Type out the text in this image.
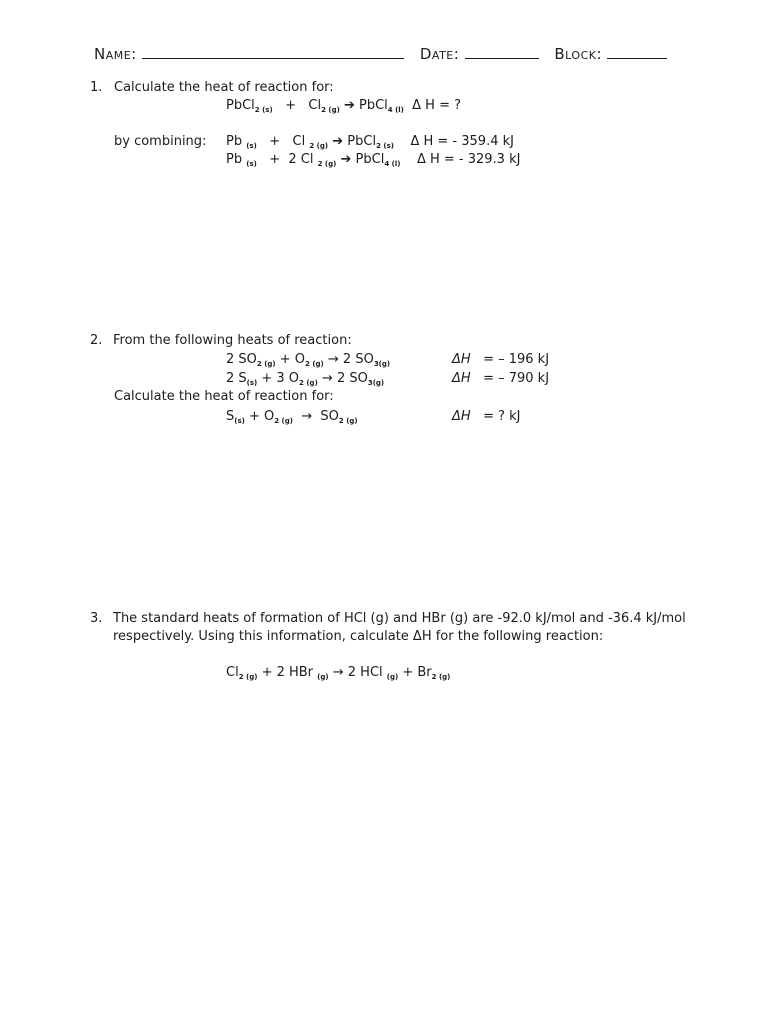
Name:	Date:	Block:
1. Calculate the heat of reaction for:
PbCl$_{2 (s)}$ + $Cl_{2 (g)}$ ➔ PbCl$_{4 (l)}$ Δ H = ?
by combining: Pb $_{(s)}$ + Cl $_{2 (g)}$ ➔ PbCl$_{2 (s)}$ Δ H = - 359.4 kJ
Pb $_{(s)}$ + 2 Cl $_{2 (g)}$ ➔ PbCl$_{4 (l)}$ Δ H = - 329.3 kJ
2. From the following heats of reaction:
2 $SO_{2 (g)} + O_{2 (g)} \to 2$ $SO_{3(g)}$	ΔH = – 196 kJ
2 $S_{(s)} + 3$ $O_{2 (g)} \to 2$ $SO_{3(g)}$	ΔH = – 790 kJ
Calculate the heat of reaction for:
$S_{(s)} + O_{2 (g)} \to SO_{2 (g)}$	ΔH = ? kJ
3. The standard heats of formation of HCl (g) and HBr (g) are -92.0 kJ/mol and -36.4 kJ/mol
respectively. Using this information, calculate ΔH for the following reaction:
$Cl_{2 (g)} + 2$ HBr $_{(g)}$ → 2 HCl $_{(g)} + Br_{2 (g)}$
